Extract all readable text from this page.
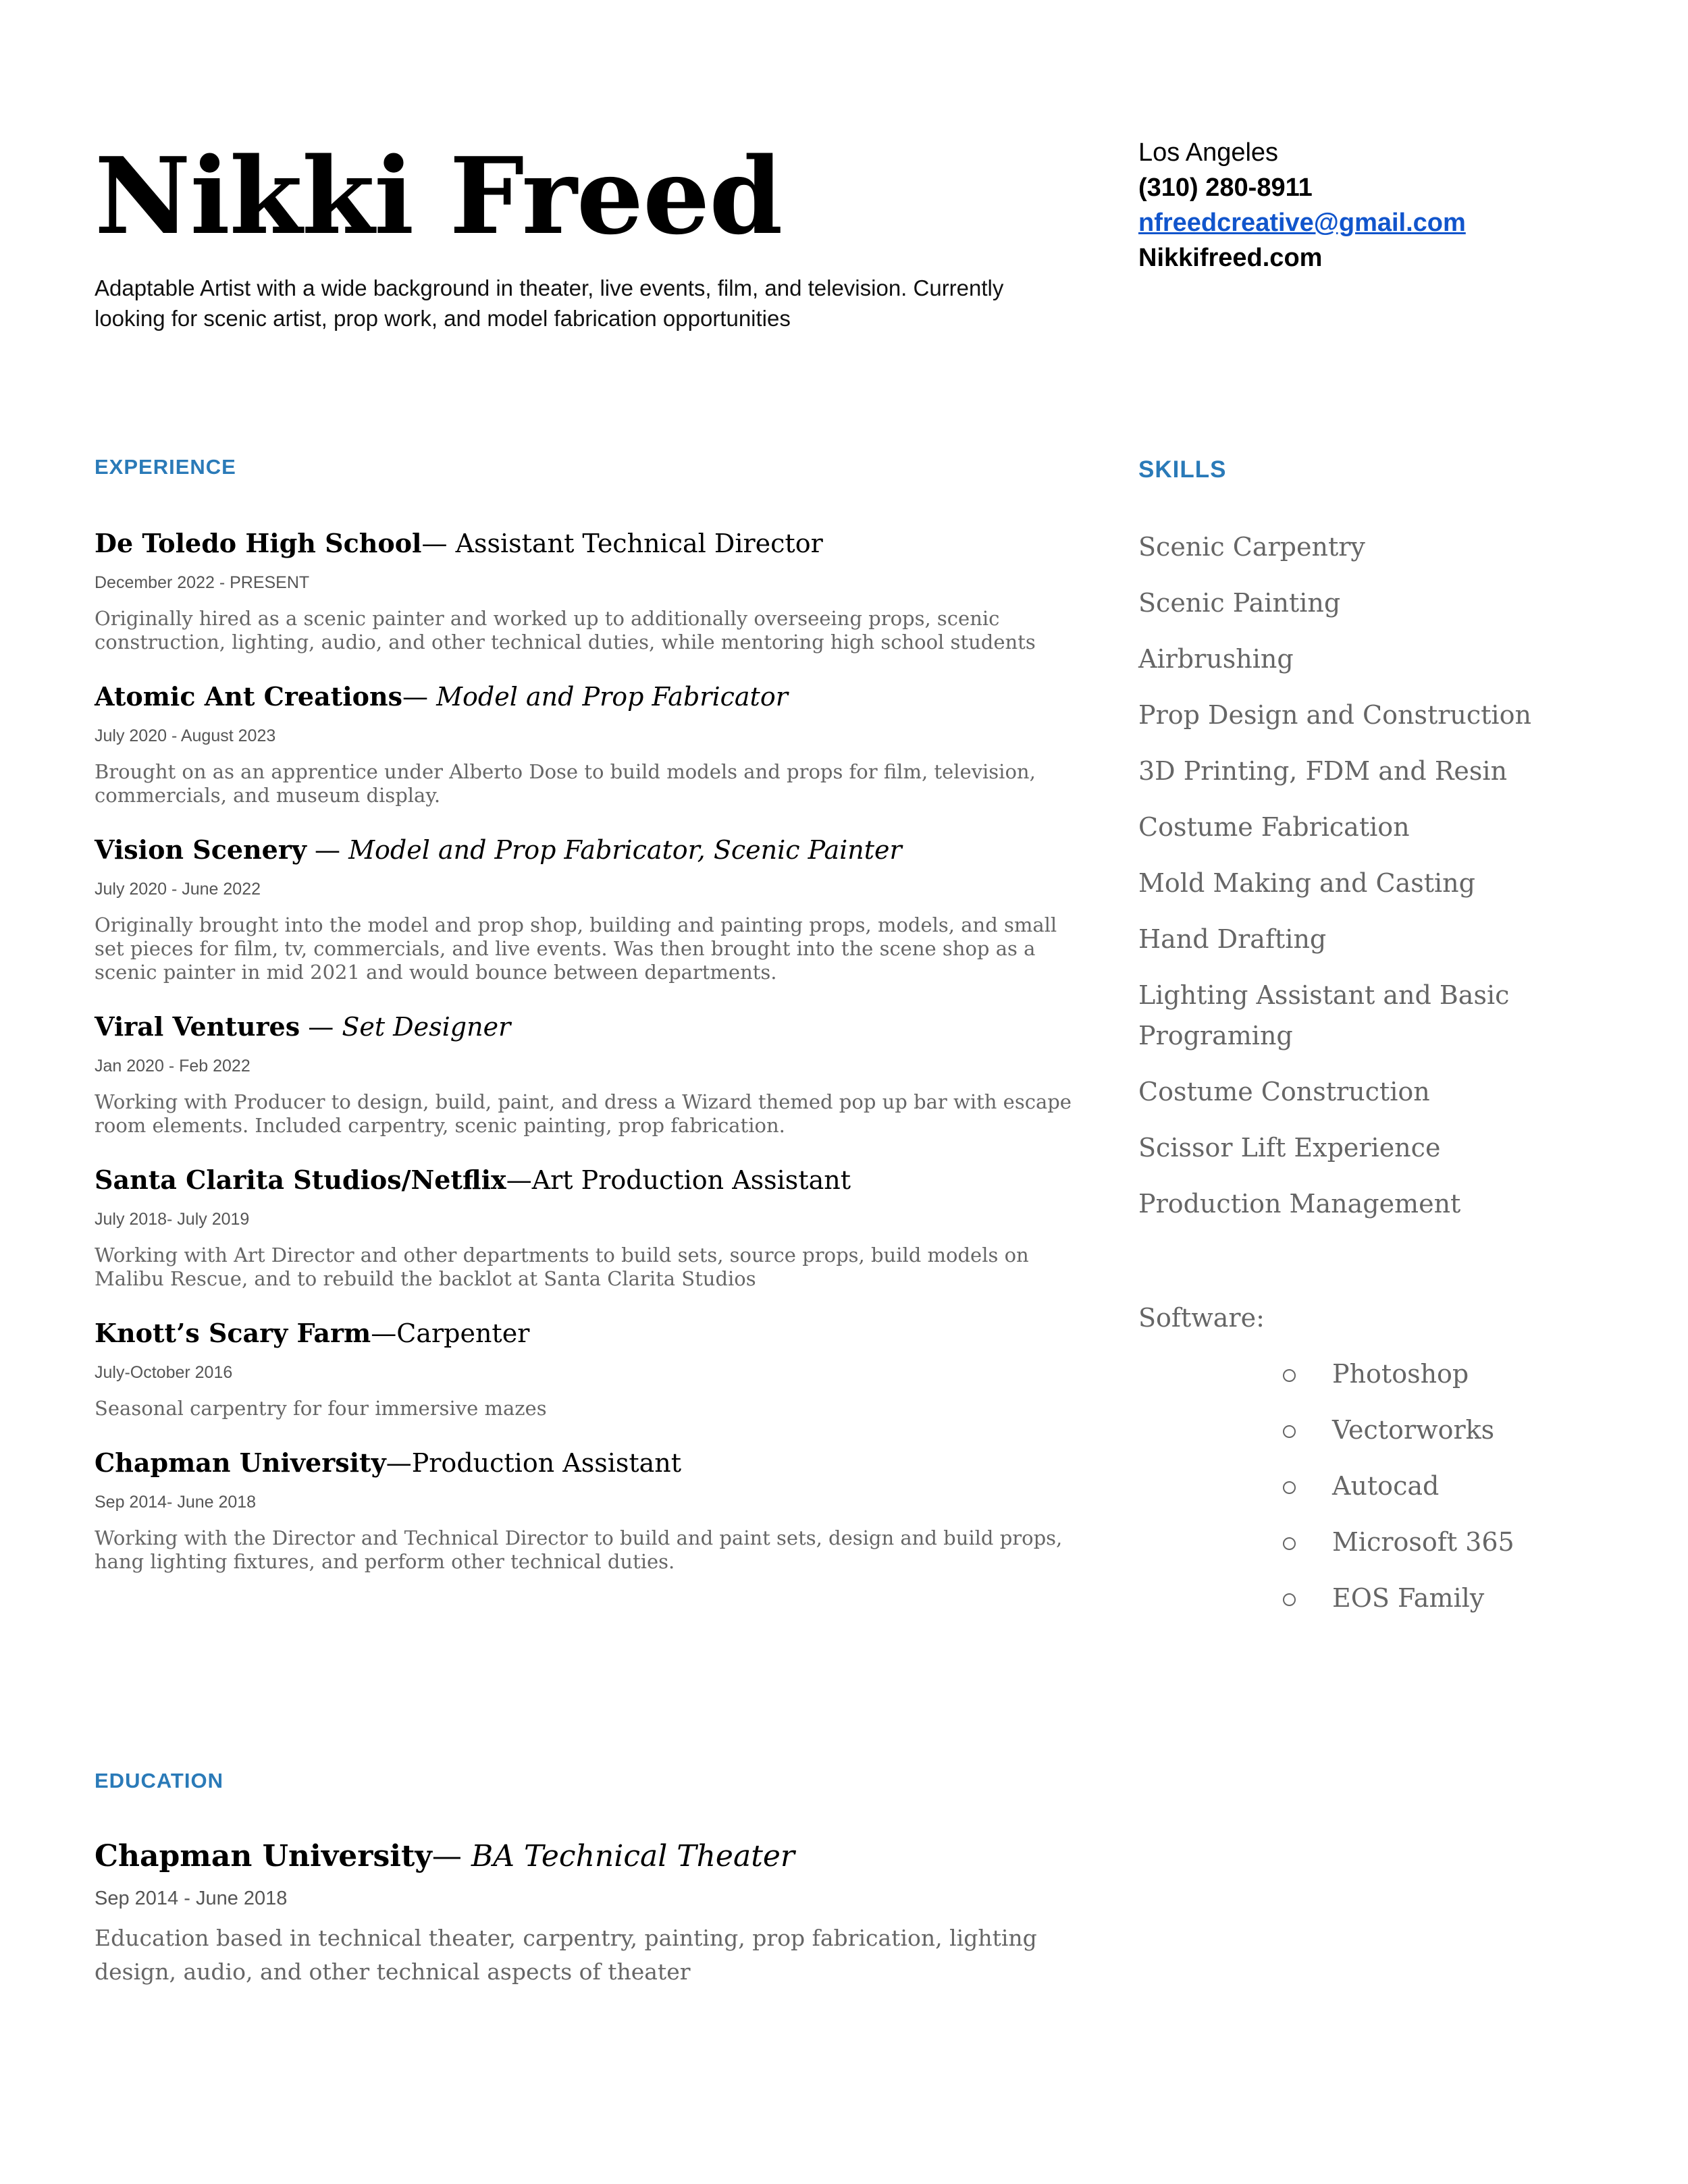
Nikki Freed
Adaptable Artist with a wide background in theater, live events, film, and television. Currently looking for scenic artist, prop work, and model fabrication opportunities
Los Angeles
(310) 280-8911
nfreedcreative@gmail.com
Nikkifreed.com
EXPERIENCE	SKILLS
EDUCATION
De Toledo High School— Assistant Technical Director
December 2022 - PRESENT
Originally hired as a scenic painter and worked up to additionally overseeing props, scenic construction, lighting, audio, and other technical duties, while mentoring high school students
Atomic Ant Creations— Model and Prop Fabricator
July 2020 - August 2023
Brought on as an apprentice under Alberto Dose to build models and props for film, television, commercials, and museum display.
Vision Scenery — Model and Prop Fabricator, Scenic Painter
July 2020 - June 2022
Originally brought into the model and prop shop, building and painting props, models, and small set pieces for film, tv, commercials, and live events. Was then brought into the scene shop as a scenic painter in mid 2021 and would bounce between departments.
Viral Ventures — Set Designer
Jan 2020 - Feb 2022
Working with Producer to design, build, paint, and dress a Wizard themed pop up bar with escape room elements. Included carpentry, scenic painting, prop fabrication.
Santa Clarita Studios/Netflix—Art Production Assistant
July 2018- July 2019
Working with Art Director and other departments to build sets, source props, build models on Malibu Rescue, and to rebuild the backlot at Santa Clarita Studios
Knott’s Scary Farm—Carpenter
July-October 2016
Seasonal carpentry for four immersive mazes
Chapman University—Production Assistant
Sep 2014- June 2018
Working with the Director and Technical Director to build and paint sets, design and build props, hang lighting fixtures, and perform other technical duties.
Chapman University— BA Technical Theater
Sep 2014 - June 2018
Education based in technical theater, carpentry, painting, prop fabrication, lighting design, audio, and other technical aspects of theater
Scenic Carpentry
Scenic Painting
Airbrushing
Prop Design and Construction
3D Printing, FDM and Resin
Costume Fabrication
Mold Making and Casting
Hand Drafting
Lighting Assistant and Basic Programing
Costume Construction
Scissor Lift Experience
Production Management
Software:
Photoshop
Vectorworks
Autocad
Microsoft 365
EOS Family
